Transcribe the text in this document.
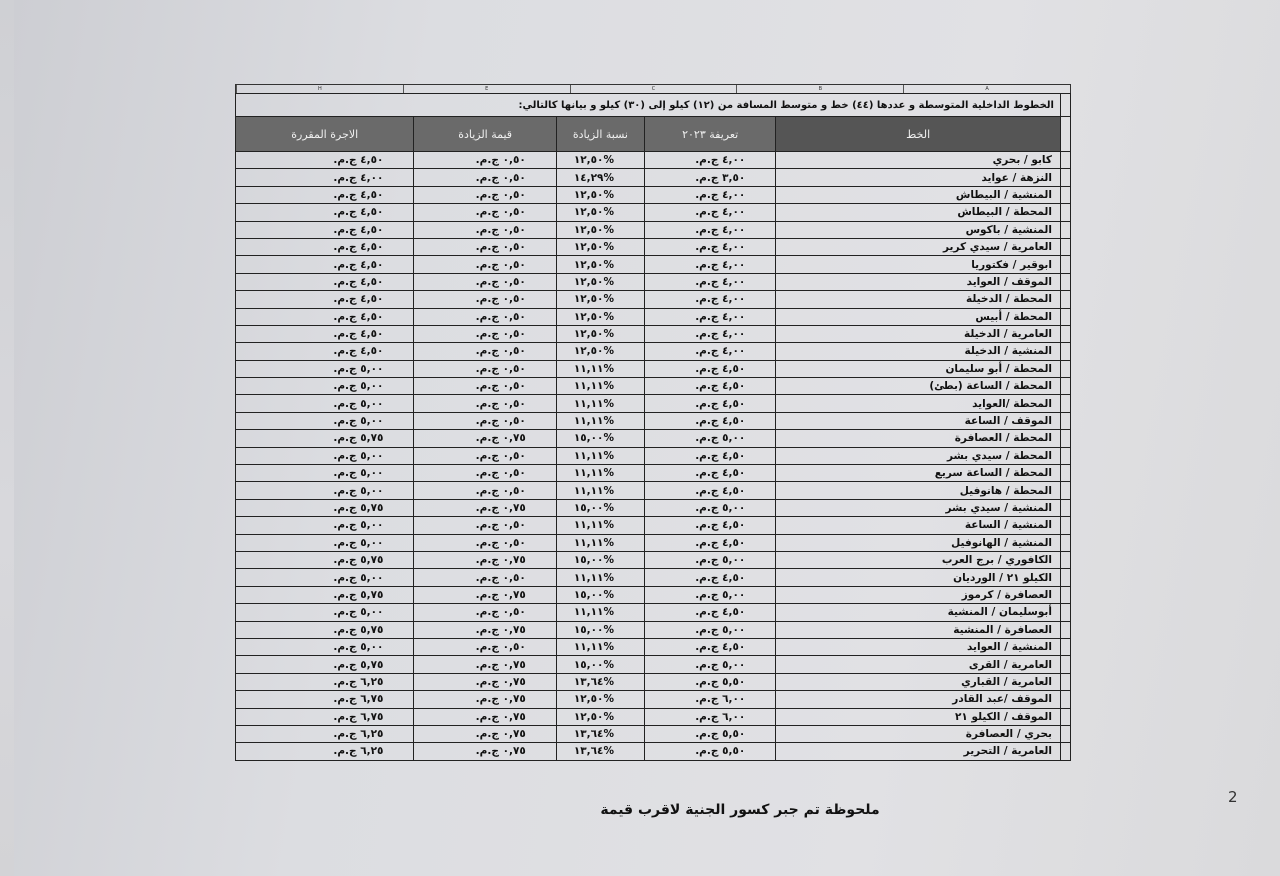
H	E	C	B	A
	الخطوط الداخلية المتوسطة و عددها (٤٤) خط و متوسط المسافة من (١٢) كيلو إلى (٣٠) كيلو و بيانها كالتالي:				
	الخط	تعريفة ٢٠٢٣	نسبة الزيادة	قيمة الزيادة	الاجرة المقررة
	كابو / بحري	٤,٠٠ ج.م.	%١٢,٥٠	٠,٥٠ ج.م.	٤,٥٠ ج.م.
	النزهة / عوايد	٣,٥٠ ج.م.	%١٤,٢٩	٠,٥٠ ج.م.	٤,٠٠ ج.م.
	المنشية / البيطاش	٤,٠٠ ج.م.	%١٢,٥٠	٠,٥٠ ج.م.	٤,٥٠ ج.م.
	المحطة / البيطاش	٤,٠٠ ج.م.	%١٢,٥٠	٠,٥٠ ج.م.	٤,٥٠ ج.م.
	المنشية / باكوس	٤,٠٠ ج.م.	%١٢,٥٠	٠,٥٠ ج.م.	٤,٥٠ ج.م.
	العامرية / سيدي كرير	٤,٠٠ ج.م.	%١٢,٥٠	٠,٥٠ ج.م.	٤,٥٠ ج.م.
	ابوقير / فكتوريا	٤,٠٠ ج.م.	%١٢,٥٠	٠,٥٠ ج.م.	٤,٥٠ ج.م.
	الموقف / العوايد	٤,٠٠ ج.م.	%١٢,٥٠	٠,٥٠ ج.م.	٤,٥٠ ج.م.
	المحطة / الدخيلة	٤,٠٠ ج.م.	%١٢,٥٠	٠,٥٠ ج.م.	٤,٥٠ ج.م.
	المحطة / أبيس	٤,٠٠ ج.م.	%١٢,٥٠	٠,٥٠ ج.م.	٤,٥٠ ج.م.
	العامرية / الدخيلة	٤,٠٠ ج.م.	%١٢,٥٠	٠,٥٠ ج.م.	٤,٥٠ ج.م.
	المنشية / الدخيلة	٤,٠٠ ج.م.	%١٢,٥٠	٠,٥٠ ج.م.	٤,٥٠ ج.م.
	المحطة / أبو سليمان	٤,٥٠ ج.م.	%١١,١١	٠,٥٠ ج.م.	٥,٠٠ ج.م.
	المحطة / الساعة (بطئ)	٤,٥٠ ج.م.	%١١,١١	٠,٥٠ ج.م.	٥,٠٠ ج.م.
	المحطة /العوايد	٤,٥٠ ج.م.	%١١,١١	٠,٥٠ ج.م.	٥,٠٠ ج.م.
	الموقف / الساعة	٤,٥٠ ج.م.	%١١,١١	٠,٥٠ ج.م.	٥,٠٠ ج.م.
	المحطة / العصافرة	٥,٠٠ ج.م.	%١٥,٠٠	٠,٧٥ ج.م.	٥,٧٥ ج.م.
	المحطة / سيدي بشر	٤,٥٠ ج.م.	%١١,١١	٠,٥٠ ج.م.	٥,٠٠ ج.م.
	المحطة / الساعة سريع	٤,٥٠ ج.م.	%١١,١١	٠,٥٠ ج.م.	٥,٠٠ ج.م.
	المحطة / هانوفيل	٤,٥٠ ج.م.	%١١,١١	٠,٥٠ ج.م.	٥,٠٠ ج.م.
	المنشية / سيدي بشر	٥,٠٠ ج.م.	%١٥,٠٠	٠,٧٥ ج.م.	٥,٧٥ ج.م.
	المنشية / الساعة	٤,٥٠ ج.م.	%١١,١١	٠,٥٠ ج.م.	٥,٠٠ ج.م.
	المنشية / الهانوفيل	٤,٥٠ ج.م.	%١١,١١	٠,٥٠ ج.م.	٥,٠٠ ج.م.
	الكافوري / برج العرب	٥,٠٠ ج.م.	%١٥,٠٠	٠,٧٥ ج.م.	٥,٧٥ ج.م.
	الكيلو ٢١ / الورديان	٤,٥٠ ج.م.	%١١,١١	٠,٥٠ ج.م.	٥,٠٠ ج.م.
	العصافرة / كرموز	٥,٠٠ ج.م.	%١٥,٠٠	٠,٧٥ ج.م.	٥,٧٥ ج.م.
	أبوسليمان / المنشية	٤,٥٠ ج.م.	%١١,١١	٠,٥٠ ج.م.	٥,٠٠ ج.م.
	العصافرة / المنشية	٥,٠٠ ج.م.	%١٥,٠٠	٠,٧٥ ج.م.	٥,٧٥ ج.م.
	المنشية / العوايد	٤,٥٠ ج.م.	%١١,١١	٠,٥٠ ج.م.	٥,٠٠ ج.م.
	العامرية / القرى	٥,٠٠ ج.م.	%١٥,٠٠	٠,٧٥ ج.م.	٥,٧٥ ج.م.
	العامرية / القباري	٥,٥٠ ج.م.	%١٣,٦٤	٠,٧٥ ج.م.	٦,٢٥ ج.م.
	الموقف /عبد القادر	٦,٠٠ ج.م.	%١٢,٥٠	٠,٧٥ ج.م.	٦,٧٥ ج.م.
	الموقف / الكيلو ٢١	٦,٠٠ ج.م.	%١٢,٥٠	٠,٧٥ ج.م.	٦,٧٥ ج.م.
	بحري / العصافرة	٥,٥٠ ج.م.	%١٣,٦٤	٠,٧٥ ج.م.	٦,٢٥ ج.م.
	العامرية / التحرير	٥,٥٠ ج.م.	%١٣,٦٤	٠,٧٥ ج.م.	٦,٢٥ ج.م.
ملحوظة تم جبر كسور الجنية لاقرب قيمة
2
